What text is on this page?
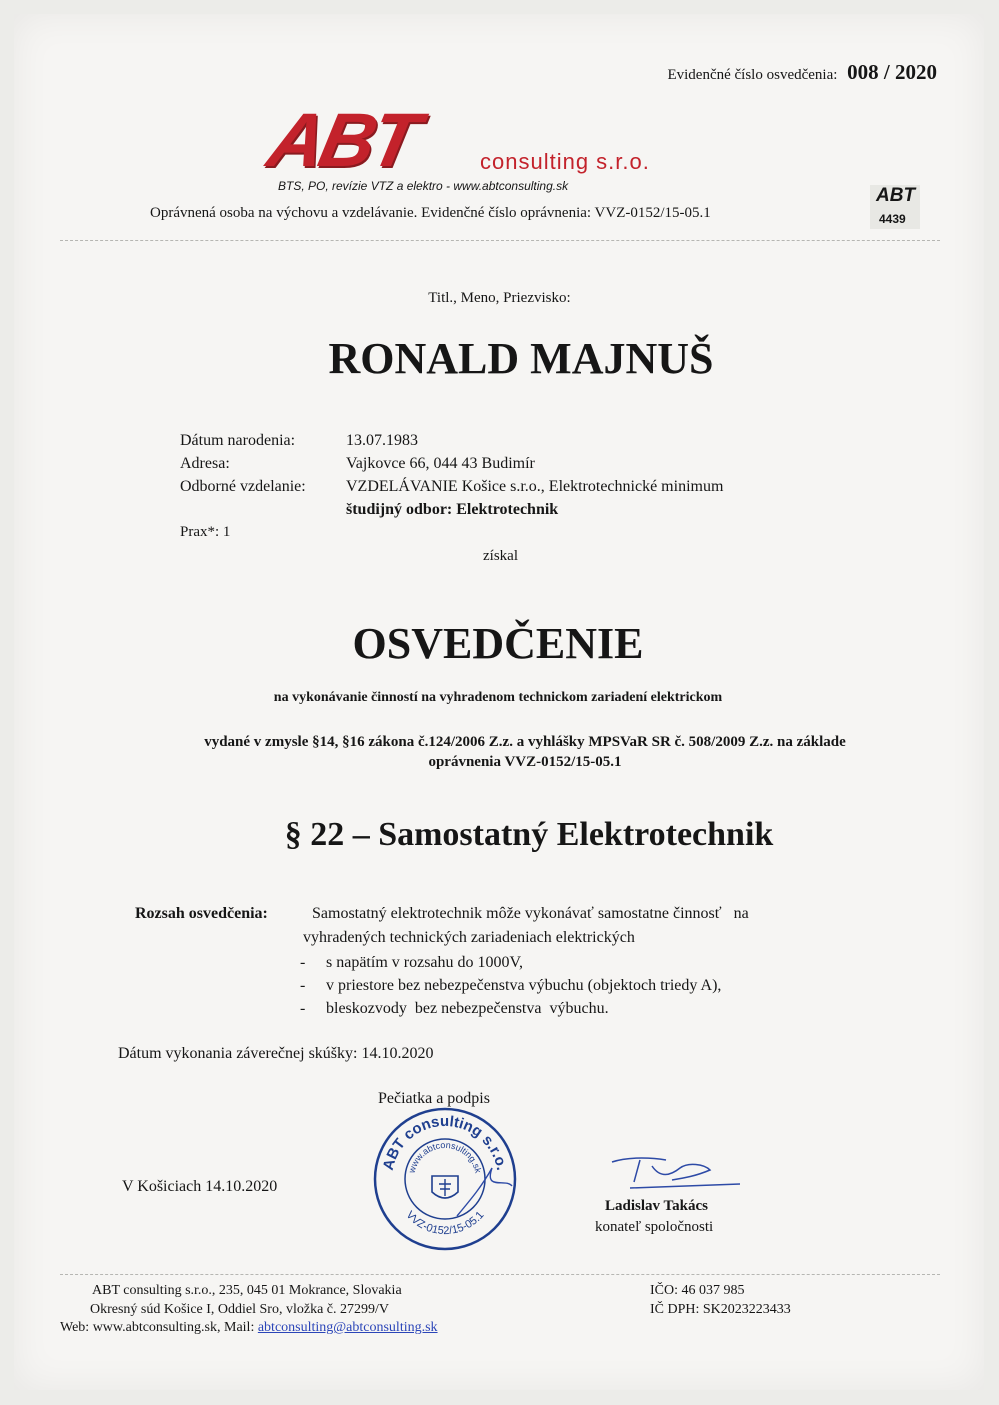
Evidenčné číslo osvedčenia: 008 / 2020
ABT	consulting s.r.o.
BTS, PO, revízie VTZ a elektro - www.abtconsulting.sk
Oprávnená osoba na výchovu a vzdelávanie. Evidenčné číslo oprávnenia: VVZ-0152/15-05.1
ABT
4439
Titl., Meno, Priezvisko:
RONALD MAJNUŠ
Dátum narodenia:	13.07.1983
Adresa:	Vajkovce 66, 044 43 Budimír
Odborné vzdelanie:	VZDELÁVANIE Košice s.r.o., Elektrotechnické minimum
študijný odbor: Elektrotechnik
Prax*: 1
získal
OSVEDČENIE
na vykonávanie činností na vyhradenom technickom zariadení elektrickom
vydané v zmysle §14, §16 zákona č.124/2006 Z.z. a vyhlášky MPSVaR SR č. 508/2009 Z.z. na základe
oprávnenia VVZ-0152/15-05.1
§ 22 – Samostatný Elektrotechnik
Rozsah osvedčenia:	Samostatný elektrotechnik môže vykonávať samostatne činnosť   na
vyhradených technických zariadeniach elektrických
- s napätím v rozsahu do 1000V,
- v priestore bez nebezpečenstva výbuchu (objektoch triedy A),
- bleskozvody  bez nebezpečenstva  výbuchu.
Dátum vykonania záverečnej skúšky: 14.10.2020
Pečiatka a podpis
ABT consulting s.r.o.
VVZ-0152/15-05.1
www.abtconsulting.sk
V Košiciach 14.10.2020
Ladislav Takács
konateľ spoločnosti
ABT consulting s.r.o., 235, 045 01 Mokrance, Slovakia
Okresný súd Košice I, Oddiel Sro, vložka č. 27299/V
Web: www.abtconsulting.sk, Mail: abtconsulting@abtconsulting.sk
IČO: 46 037 985
IČ DPH: SK2023223433
